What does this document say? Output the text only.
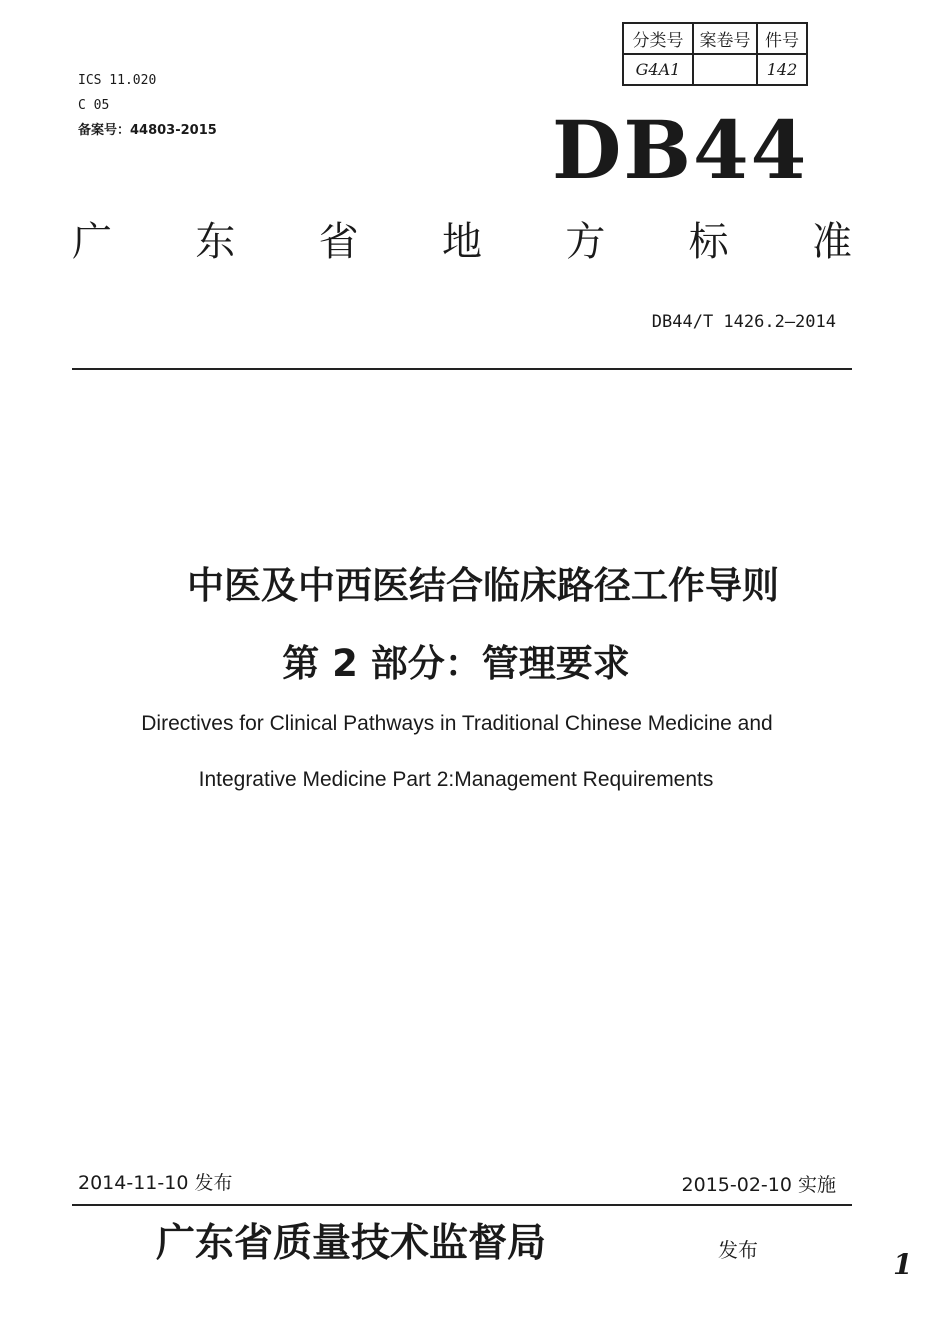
ICS 11.020
C 05
备案号：44803-2015
分类号	案卷号	件号
G4A1		142
DB44
广 东 省 地 方 标 准
DB44/T 1426.2—2014
中医及中西医结合临床路径工作导则
第 2 部分：管理要求
Directives for Clinical Pathways in Traditional Chinese Medicine and
Integrative Medicine Part 2:Management Requirements
2014-11-10 发布	2015-02-10 实施
广东省质量技术监督局	发布	1
